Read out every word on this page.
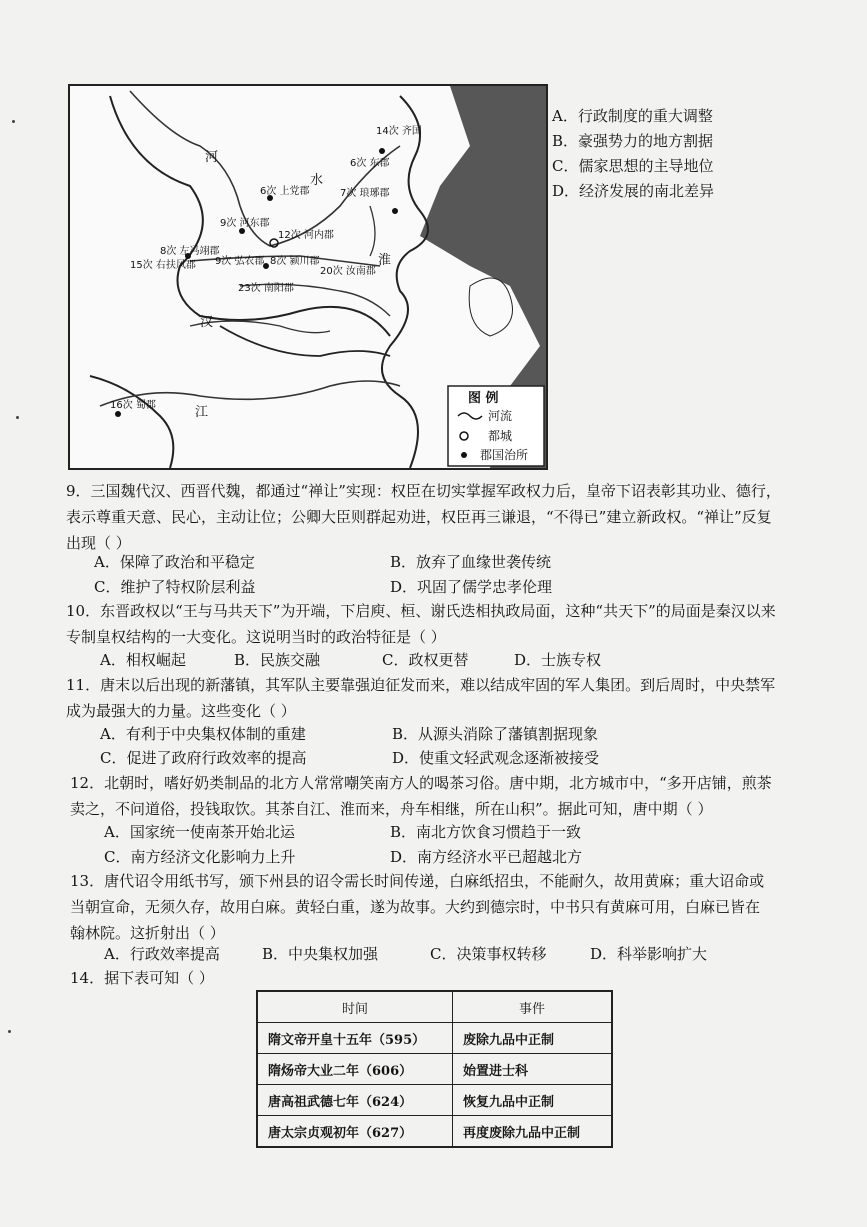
14次 齐国
6次 东郡
7次 琅琊郡
6次 上党郡
9次 河东郡
12次 河内郡
8次 左冯翊郡
15次 右扶风郡 9次 弘农郡 8次 颍川郡
20次 汝南郡
23次 南阳郡
16次 蜀郡
河
水
淮
汉
江
图 例
河流
都城
郡国治所
A．行政制度的重大调整
B．豪强势力的地方割据
C．儒家思想的主导地位
D．经济发展的南北差异
9．三国魏代汉、西晋代魏，都通过“禅让”实现：权臣在切实掌握军政权力后，皇帝下诏表彰其功业、德行，
表示尊重天意、民心，主动让位；公卿大臣则群起劝进，权臣再三谦退，“不得已”建立新政权。“禅让”反复
出现（ ）
A．保障了政治和平稳定	B．放弃了血缘世袭传统
C．维护了特权阶层利益	D．巩固了儒学忠孝伦理
10．东晋政权以“王与马共天下”为开端，下启庾、桓、谢氏迭相执政局面，这种“共天下”的局面是秦汉以来
专制皇权结构的一大变化。这说明当时的政治特征是（ ）
A．相权崛起	B．民族交融	C．政权更替	D．士族专权
11．唐末以后出现的新藩镇，其军队主要靠强迫征发而来，难以结成牢固的军人集团。到后周时，中央禁军
成为最强大的力量。这些变化（ ）
A．有利于中央集权体制的重建	B．从源头消除了藩镇割据现象
C．促进了政府行政效率的提高	D．使重文轻武观念逐渐被接受
12．北朝时，嗜好奶类制品的北方人常常嘲笑南方人的喝茶习俗。唐中期，北方城市中，“多开店铺，煎茶
卖之，不问道俗，投钱取饮。其茶自江、淮而来，舟车相继，所在山积”。据此可知，唐中期（ ）
A．国家统一使南茶开始北运	B．南北方饮食习惯趋于一致
C．南方经济文化影响力上升	D．南方经济水平已超越北方
13．唐代诏令用纸书写，颁下州县的诏令需长时间传递，白麻纸招虫，不能耐久，故用黄麻；重大诏命或
当朝宣命，无须久存，故用白麻。黄轻白重，遂为故事。大约到德宗时，中书只有黄麻可用，白麻已皆在
翰林院。这折射出（ ）
A．行政效率提高	B．中央集权加强	C．决策事权转移	D．科举影响扩大
14．据下表可知（ ）
时间	事件
隋文帝开皇十五年（595）	废除九品中正制
隋炀帝大业二年（606）	始置进士科
唐高祖武德七年（624）	恢复九品中正制
唐太宗贞观初年（627）	再度废除九品中正制
